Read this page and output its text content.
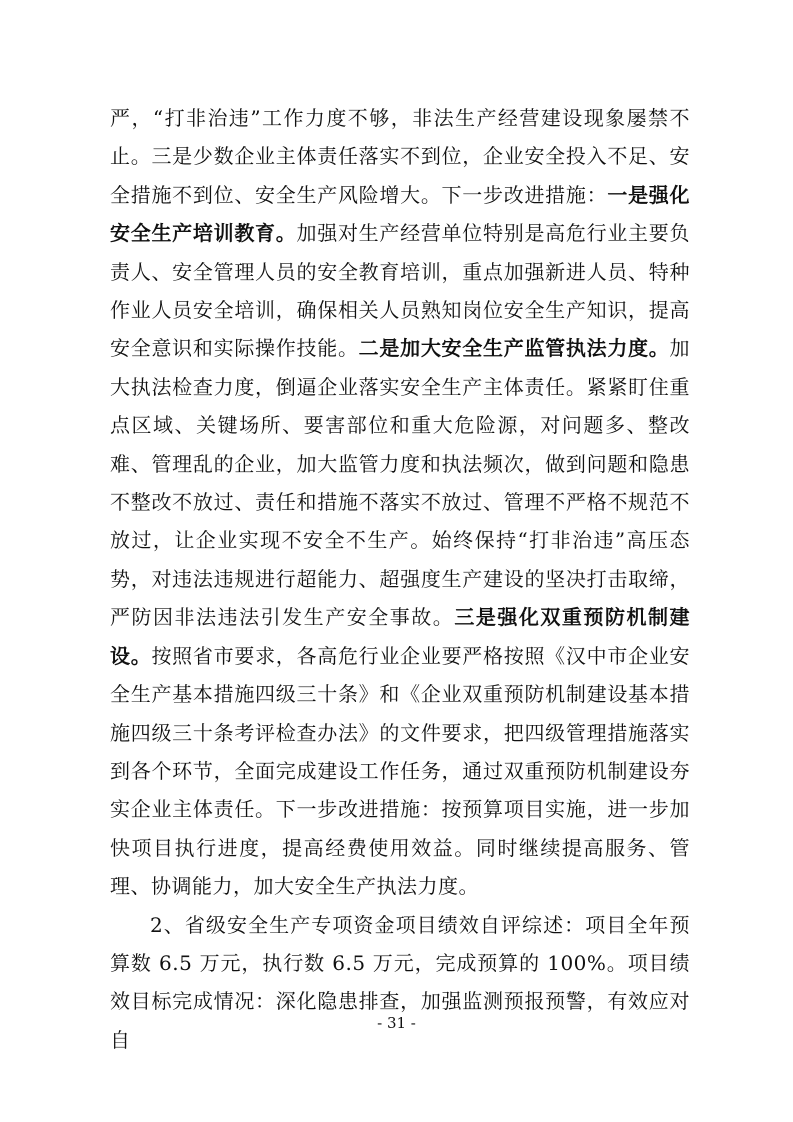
严，“打非治违”工作力度不够，非法生产经营建设现象屡禁不止。三是少数企业主体责任落实不到位，企业安全投入不足、安全措施不到位、安全生产风险增大。下一步改进措施：一是强化安全生产培训教育。加强对生产经营单位特别是高危行业主要负责人、安全管理人员的安全教育培训，重点加强新进人员、特种作业人员安全培训，确保相关人员熟知岗位安全生产知识，提高安全意识和实际操作技能。二是加大安全生产监管执法力度。加大执法检查力度，倒逼企业落实安全生产主体责任。紧紧盯住重点区域、关键场所、要害部位和重大危险源，对问题多、整改难、管理乱的企业，加大监管力度和执法频次，做到问题和隐患不整改不放过、责任和措施不落实不放过、管理不严格不规范不放过，让企业实现不安全不生产。始终保持“打非治违”高压态势，对违法违规进行超能力、超强度生产建设的坚决打击取缔，严防因非法违法引发生产安全事故。三是强化双重预防机制建设。按照省市要求，各高危行业企业要严格按照《汉中市企业安全生产基本措施四级三十条》和《企业双重预防机制建设基本措施四级三十条考评检查办法》的文件要求，把四级管理措施落实到各个环节，全面完成建设工作任务，通过双重预防机制建设夯实企业主体责任。下一步改进措施：按预算项目实施，进一步加快项目执行进度，提高经费使用效益。同时继续提高服务、管理、协调能力，加大安全生产执法力度。

2、省级安全生产专项资金项目绩效自评综述：项目全年预算数 6.5 万元，执行数 6.5 万元，完成预算的 100%。项目绩效目标完成情况：深化隐患排查，加强监测预报预警，有效应对自

- 31 -
